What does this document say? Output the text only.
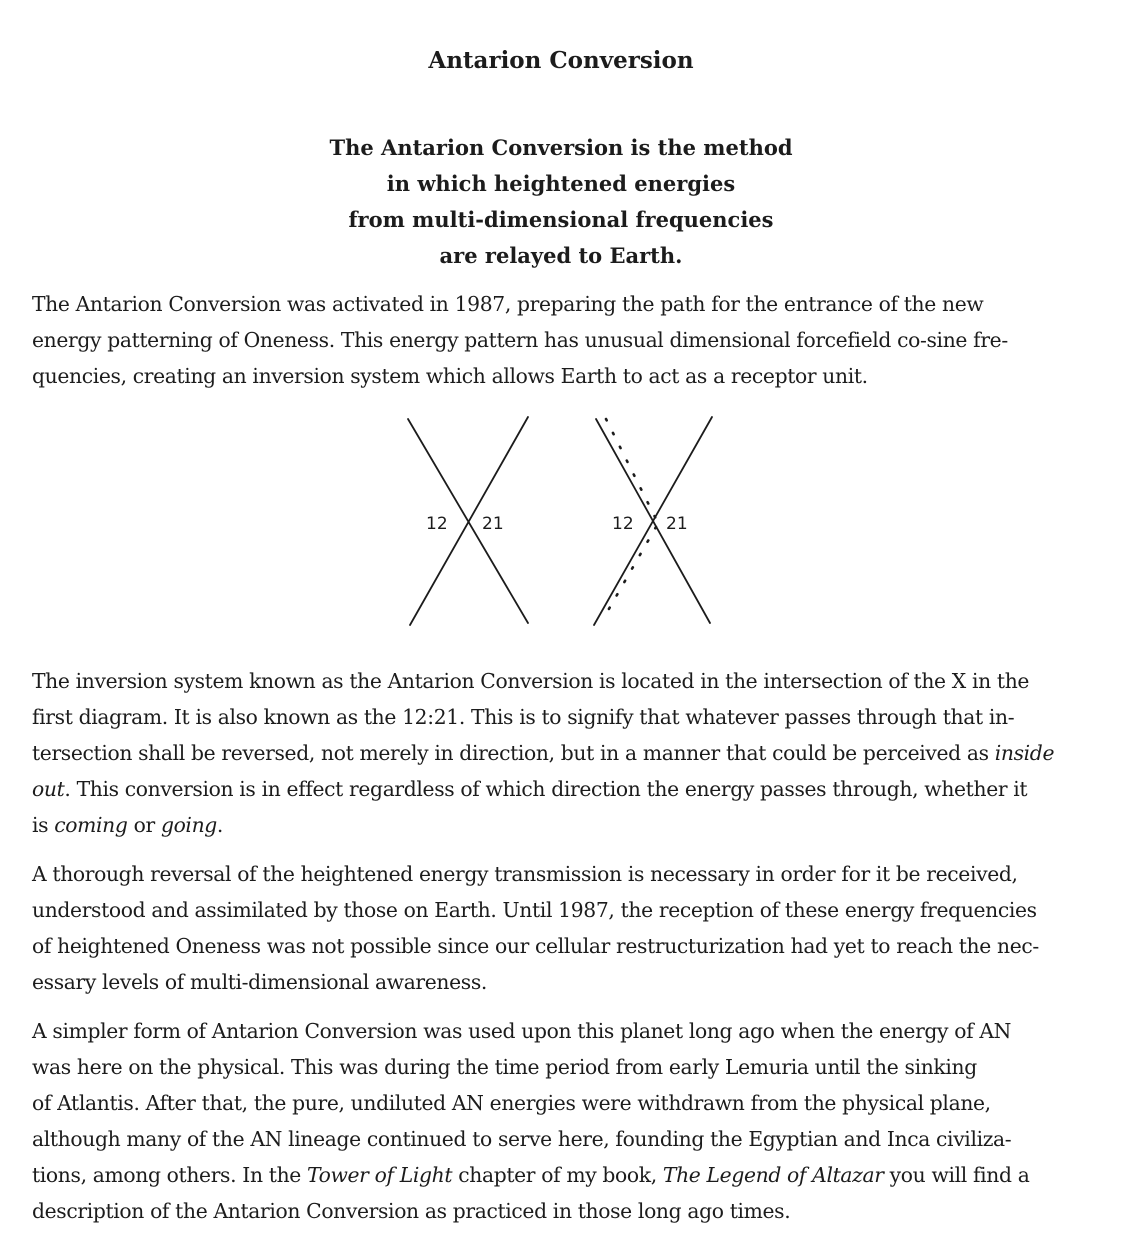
Antarion Conversion
The Antarion Conversion is the method
in which heightened energies
from multi-dimensional frequencies
are relayed to Earth.

The Antarion Conversion was activated in 1987, preparing the path for the entrance of the new
energy patterning of Oneness. This energy pattern has unusual dimensional forcefield co-sine fre-
quencies, creating an inversion system which allows Earth to act as a receptor unit.

The inversion system known as the Antarion Conversion is located in the intersection of the X in the
first diagram. It is also known as the 12:21. This is to signify that whatever passes through that in-
tersection shall be reversed, not merely in direction, but in a manner that could be perceived as inside
out. This conversion is in effect regardless of which direction the energy passes through, whether it
is coming or going.

A thorough reversal of the heightened energy transmission is necessary in order for it be received,
understood and assimilated by those on Earth. Until 1987, the reception of these energy frequencies
of heightened Oneness was not possible since our cellular restructurization had yet to reach the nec-
essary levels of multi-dimensional awareness.

A simpler form of Antarion Conversion was used upon this planet long ago when the energy of AN
was here on the physical. This was during the time period from early Lemuria until the sinking
of Atlantis. After that, the pure, undiluted AN energies were withdrawn from the physical plane,
although many of the AN lineage continued to serve here, founding the Egyptian and Inca civiliza-
tions, among others. In the Tower of Light chapter of my book, The Legend of Altazar you will find a
description of the Antarion Conversion as practiced in those long ago times.

12 21	12 21
